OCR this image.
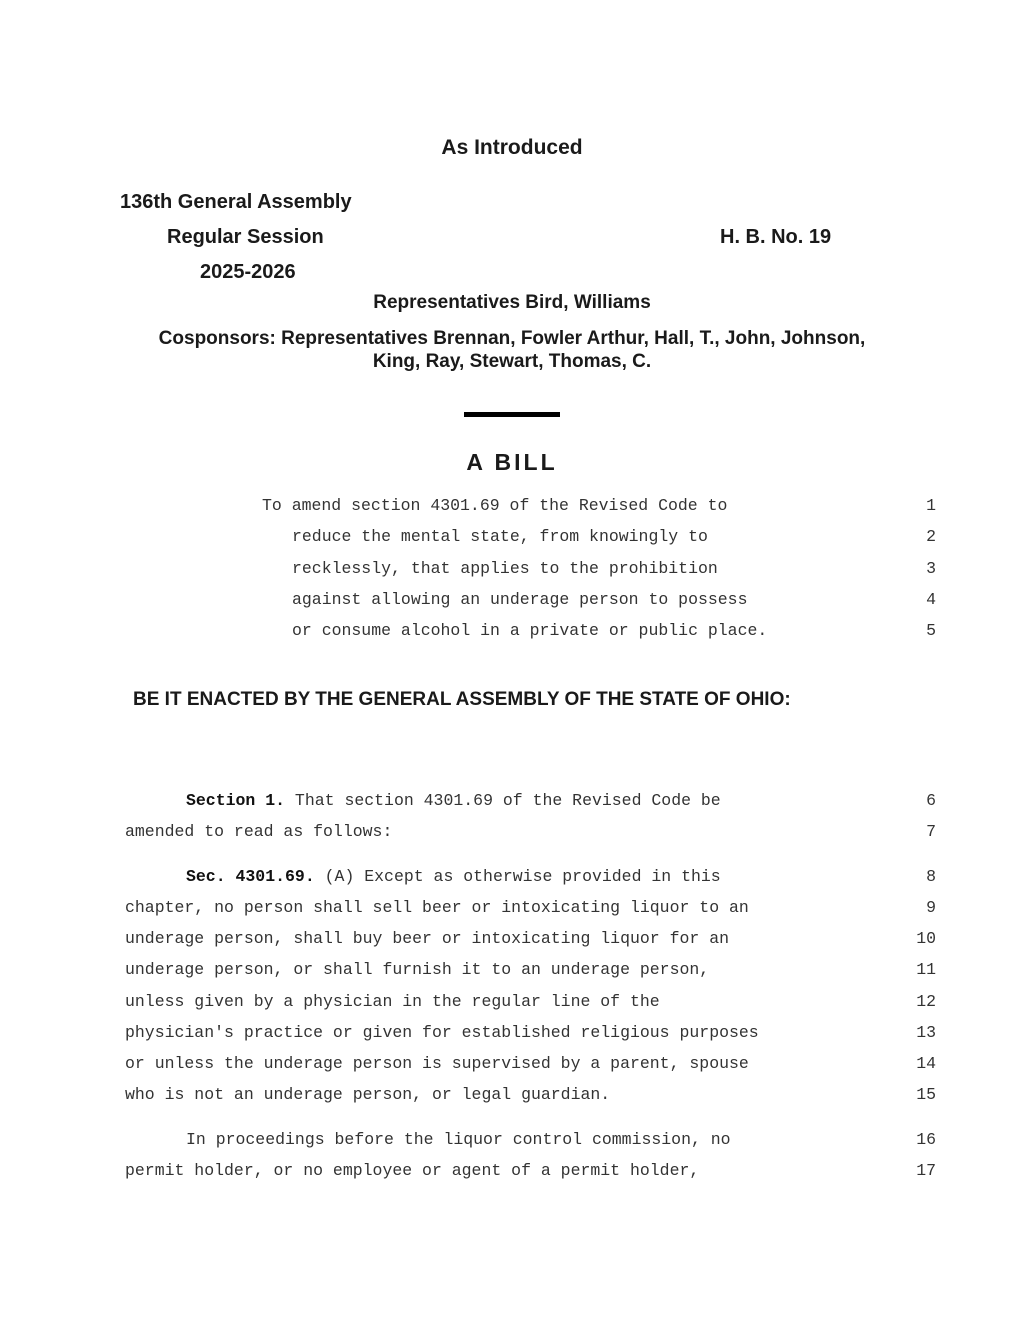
As Introduced
136th General Assembly
Regular Session	H. B. No. 19
2025-2026
Representatives Bird, Williams
Cosponsors: Representatives Brennan, Fowler Arthur, Hall, T., John, Johnson,
King, Ray, Stewart, Thomas, C.
A BILL
To amend section 4301.69 of the Revised Code to	1
reduce the mental state, from knowingly to	2
recklessly, that applies to the prohibition	3
against allowing an underage person to possess	4
or consume alcohol in a private or public place.	5
BE IT ENACTED BY THE GENERAL ASSEMBLY OF THE STATE OF OHIO:
Section 1. That section 4301.69 of the Revised Code be	6
amended to read as follows:	7
Sec. 4301.69. (A) Except as otherwise provided in this	8
chapter, no person shall sell beer or intoxicating liquor to an	9
underage person, shall buy beer or intoxicating liquor for an	10
underage person, or shall furnish it to an underage person,	11
unless given by a physician in the regular line of the	12
physician's practice or given for established religious purposes	13
or unless the underage person is supervised by a parent, spouse	14
who is not an underage person, or legal guardian.	15
In proceedings before the liquor control commission, no	16
permit holder, or no employee or agent of a permit holder,	17
